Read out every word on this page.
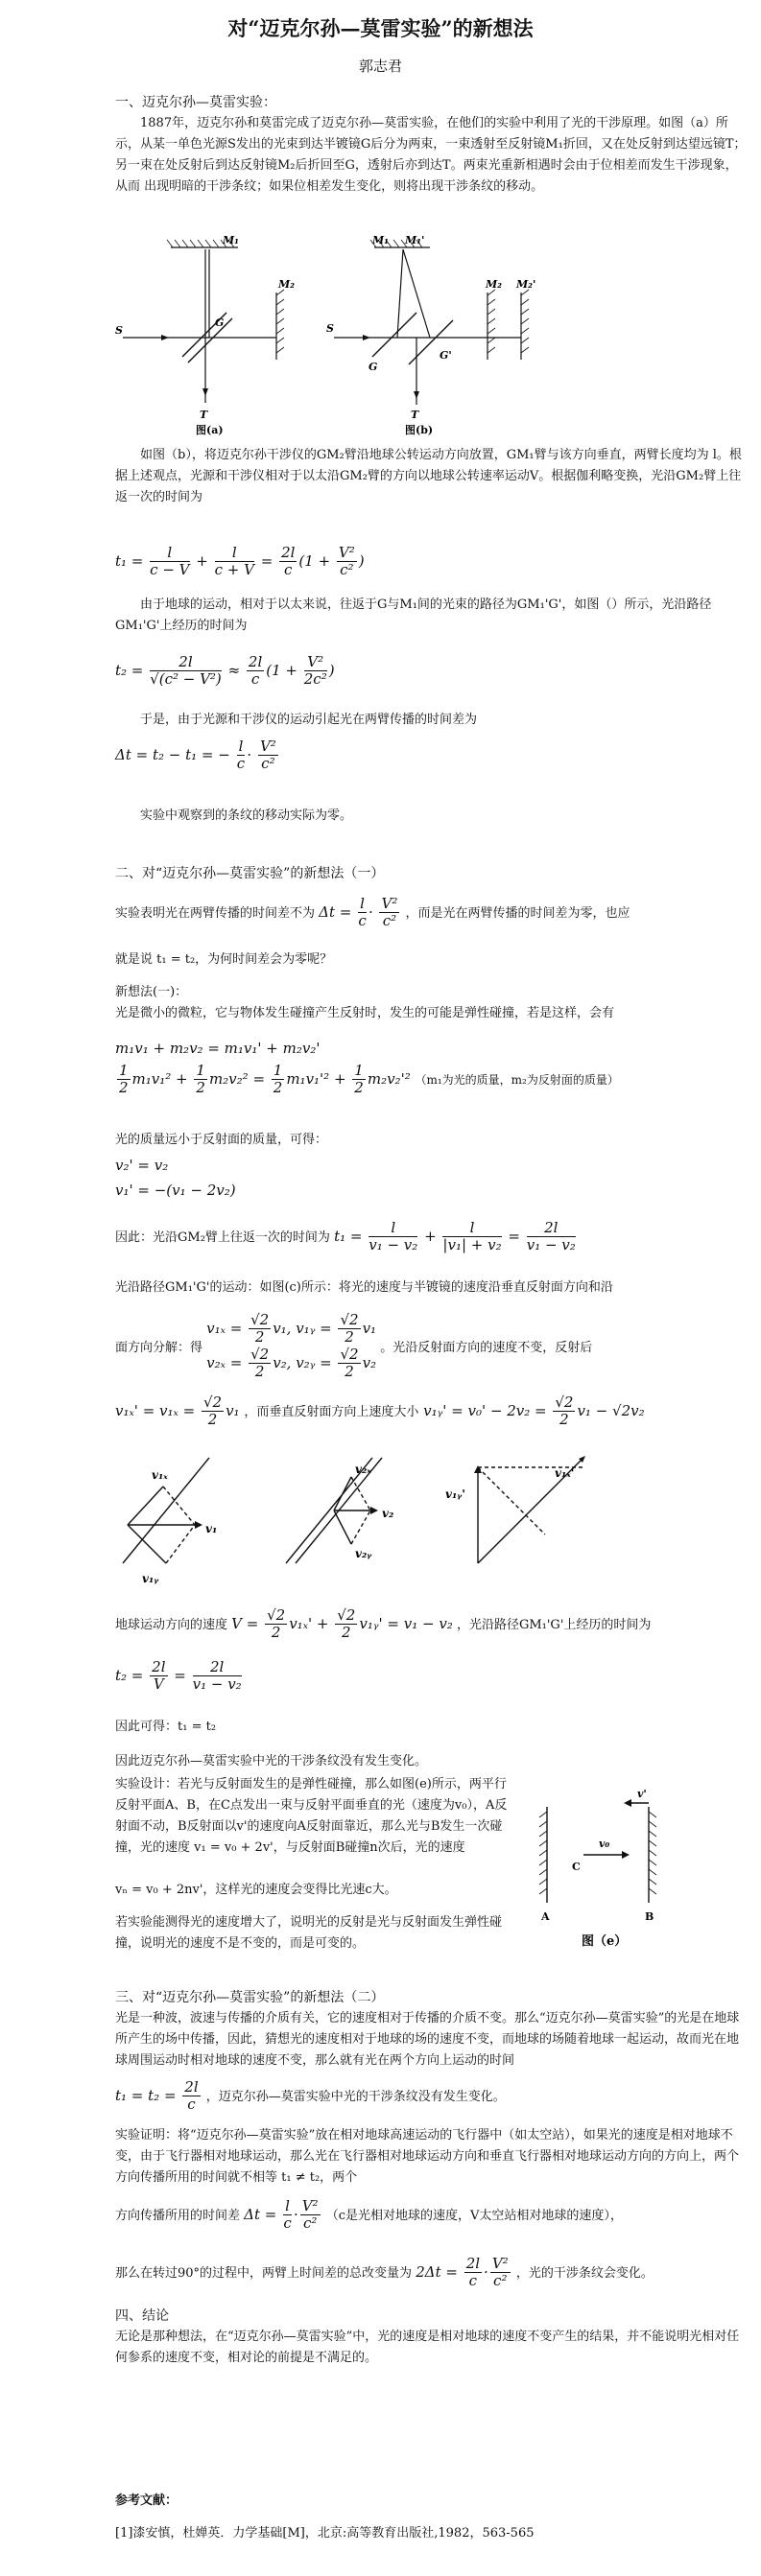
对“迈克尔孙—莫雷实验”的新想法
郭志君
一、迈克尔孙—莫雷实验：
1887年，迈克尔孙和莫雷完成了迈克尔孙—莫雷实验，在他们的实验中利用了光的干涉原理。如图（a）所示，从某一单色光源S发出的光束到达半镀镜G后分为两束，一束透射至反射镜M₁折回，又在处反射到达望远镜T；另一束在处反射后到达反射镜M₂后折回至G，透射后亦到达T。两束光重新相遇时会由于位相差而发生干涉现象，从而 出现明暗的干涉条纹；如果位相差发生变化，则将出现干涉条纹的移动。
M₁
M₂
S
G
T
图(a)
M₁ M₁'
M₂ M₂'
S
G
G'
T
图(b)
如图（b），将迈克尔孙干涉仪的GM₂臂沿地球公转运动方向放置，GM₁臂与该方向垂直，两臂长度均为 l。根据上述观点，光源和干涉仪相对于以太沿GM₂臂的方向以地球公转速率运动V。根据伽利略变换，光沿GM₂臂上往返一次的时间为
$t_1 = \frac{l}{c - V} + \frac{l}{c + V} = \frac{2l}{c} (1 + \frac{\text{V²}}{\text{c²}}$ )
由于地球的运动，相对于以太来说，往返于G与M₁间的光束的路径为GM₁'G'，如图（）所示，光沿路径GM₁'G'上经历的时间为
$t_2 = \frac{2l}{\text{√(c² − V²)}} \approx \frac{2l}{c} (1 + \frac{\text{V²}}{\text{2c²}}$ )
于是，由于光源和干涉仪的运动引起光在两臂传播的时间差为
Δt = t₂ − t₁ = − $\frac{l}{c} \cdot \frac{\text{V²}}{\text{c²}}$
实验中观察到的条纹的移动实际为零。
二、对“迈克尔孙—莫雷实验”的新想法（一）
实验表明光在两臂传播的时间差不为 $\Delta t = \frac{l}{c} \cdot \frac{\text{V²}}{\text{c²}}$ ，而是光在两臂传播的时间差为零，也应
就是说 t₁ = t₂，为何时间差会为零呢？
新想法(一)：
光是微小的微粒，它与物体发生碰撞产生反射时，发生的可能是弹性碰撞，若是这样，会有
m₁v₁ + m₂v₂ = m₁v₁' + m₂v₂'
$\frac{1}{2} m_1v_1^2 + \frac{1}{2} m_2v_2^2 = \frac{1}{2} m_1v_1'^2 + \frac{1}{2} m_2v_2'^2$ （m₁为光的质量，m₂为反射面的质量）
光的质量远小于反射面的质量，可得：
v₂' = v₂
v₁' = −(v₁ − 2v₂)
因此：光沿GM₂臂上往返一次的时间为 $t_1 = \frac{l}{\text{v₁ − v₂}} + \frac{l}{\text{|v₁| + v₂}} = \frac{2l}{\text{v₁ − v₂}}$
光沿路径GM₁'G'的运动：如图(c)所示：将光的速度与半镀镜的速度沿垂直反射面方向和沿
面方向分解：得 $v_{1x} = \frac{√2}{2} v_1$, v₁ᵧ = $\frac{√2}{2} v_1$
$v_{2x} = \frac{√2}{2} v_2$, v₂ᵧ = $\frac{√2}{2} v_2$ 。光沿反射面方向的速度不变，反射后
$v_{1x}' = v_{1x} = \frac{√2}{2} v_1$ ，而垂直反射面方向上速度大小 v₁ᵧ' = $v_0' - 2v_2 = \frac{√2}{2} v_1 - √2v_2$
v₁ₓ
v₁
v₁ᵧ
v₂ₓ
v₂
v₂ᵧ
v₁ᵧ'
v₁ₓ'
地球运动方向的速度 $V = \frac{√2}{2} v_{1x}' + \frac{√2}{2}$ v₁ᵧ' = v₁ − v₂ ，光沿路径GM₁'G'上经历的时间为
$t_2 = \frac{2l}{V} = \frac{2l}{\text{v₁ − v₂}}$
因此可得：t₁ = t₂
因此迈克尔孙—莫雷实验中光的干涉条纹没有发生变化。
实验设计：若光与反射面发生的是弹性碰撞，那么如图(e)所示，两平行反射平面A、B，在C点发出一束与反射平面垂直的光（速度为v₀），A反射面不动，B反射面以v'的速度向A反射面靠近，那么光与B发生一次碰撞，光的速度 v₁ = v₀ + 2v'，与反射面B碰撞n次后，光的速度
vₙ = v₀ + 2nv'，这样光的速度会变得比光速c大。
若实验能测得光的速度增大了，说明光的反射是光与反射面发生弹性碰撞，说明光的速度不是不变的，而是可变的。
v'
v₀
C
A	B
图（e）
三、对“迈克尔孙—莫雷实验”的新想法（二）
光是一种波，波速与传播的介质有关，它的速度相对于传播的介质不变。那么“迈克尔孙—莫雷实验”的光是在地球所产生的场中传播，因此，猜想光的速度相对于地球的场的速度不变，而地球的场随着地球一起运动，故而光在地球周围运动时相对地球的速度不变，那么就有光在两个方向上运动的时间
$t_1 = t_2 = \frac{2l}{c}$ ，迈克尔孙—莫雷实验中光的干涉条纹没有发生变化。
实验证明：将“迈克尔孙—莫雷实验”放在相对地球高速运动的飞行器中（如太空站），如果光的速度是相对地球不变，由于飞行器相对地球运动，那么光在飞行器相对地球运动方向和垂直飞行器相对地球运动方向的方向上，两个方向传播所用的时间就不相等 t₁ ≠ t₂，两个
方向传播所用的时间差 $\Delta t = \frac{l}{c} \cdot \frac{\text{V²}}{\text{c²}} (c$是光相对地球的速度，V太空站相对地球的速度），
那么在转过90°的过程中，两臂上时间差的总改变量为 $2\Delta t = \frac{2l}{c} \cdot \frac{\text{V²}}{\text{c²}}$ ，光的干涉条纹会变化。
四、结论
无论是那种想法，在“迈克尔孙—莫雷实验”中，光的速度是相对地球的速度不变产生的结果，并不能说明光相对任何参系的速度不变，相对论的前提是不满足的。
参考文献：
[1]漆安慎，杜婵英．力学基础[M]，北京:高等教育出版社,1982，563-565
